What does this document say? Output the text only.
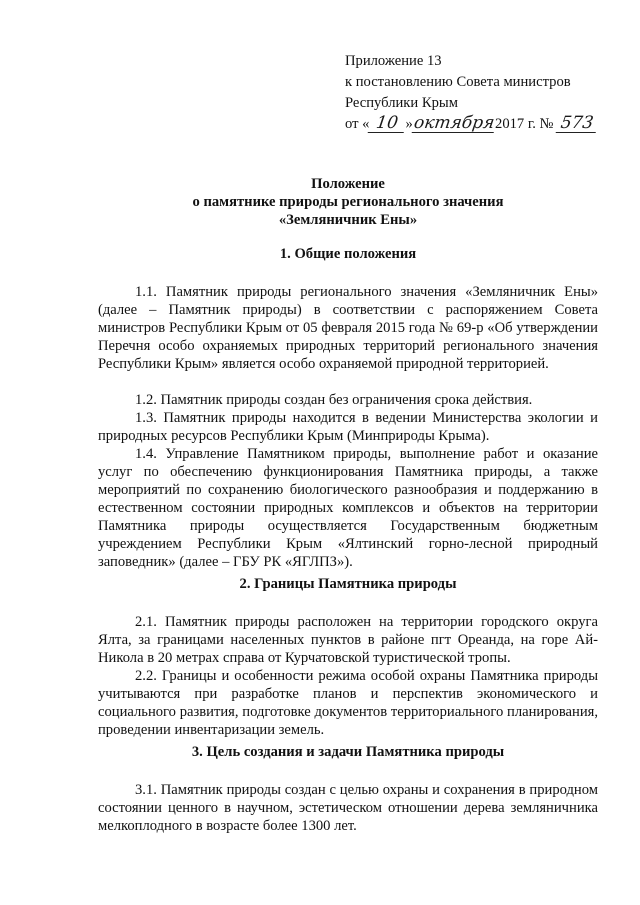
Приложение 13
к постановлению Совета министров
Республики Крым
от « 10 »октября2017 г. № 573
Положение
о памятнике природы регионального значения
«Земляничник Ены»
1. Общие положения

1.1. Памятник природы регионального значения «Земляничник Ены» (далее – Памятник природы) в соответствии с распоряжением Совета министров Республики Крым от 05 февраля 2015 года № 69-р «Об утверждении Перечня особо охраняемых природных территорий регионального значения Республики Крым» является особо охраняемой природной территорией.

1.2. Памятник природы создан без ограничения срока действия.

1.3. Памятник природы находится в ведении Министерства экологии и природных ресурсов Республики Крым (Минприроды Крыма).

1.4. Управление Памятником природы, выполнение работ и оказание услуг по обеспечению функционирования Памятника природы, а также мероприятий по сохранению биологического разнообразия и поддержанию в естественном состоянии природных комплексов и объектов на территории Памятника природы осуществляется Государственным бюджетным учреждением Республики Крым «Ялтинский горно-лесной природный заповедник» (далее – ГБУ РК «ЯГЛПЗ»).

2. Границы Памятника природы

2.1. Памятник природы расположен на территории городского округа Ялта, за границами населенных пунктов в районе пгт Ореанда, на горе Ай-Никола в 20 метрах справа от Курчатовской туристической тропы.

2.2. Границы и особенности режима особой охраны Памятника природы учитываются при разработке планов и перспектив экономического и социального развития, подготовке документов территориального планирования, проведении инвентаризации земель.

3. Цель создания и задачи Памятника природы

3.1. Памятник природы создан с целью охраны и сохранения в природном состоянии ценного в научном, эстетическом отношении дерева земляничника мелкоплодного в возрасте более 1300 лет.
